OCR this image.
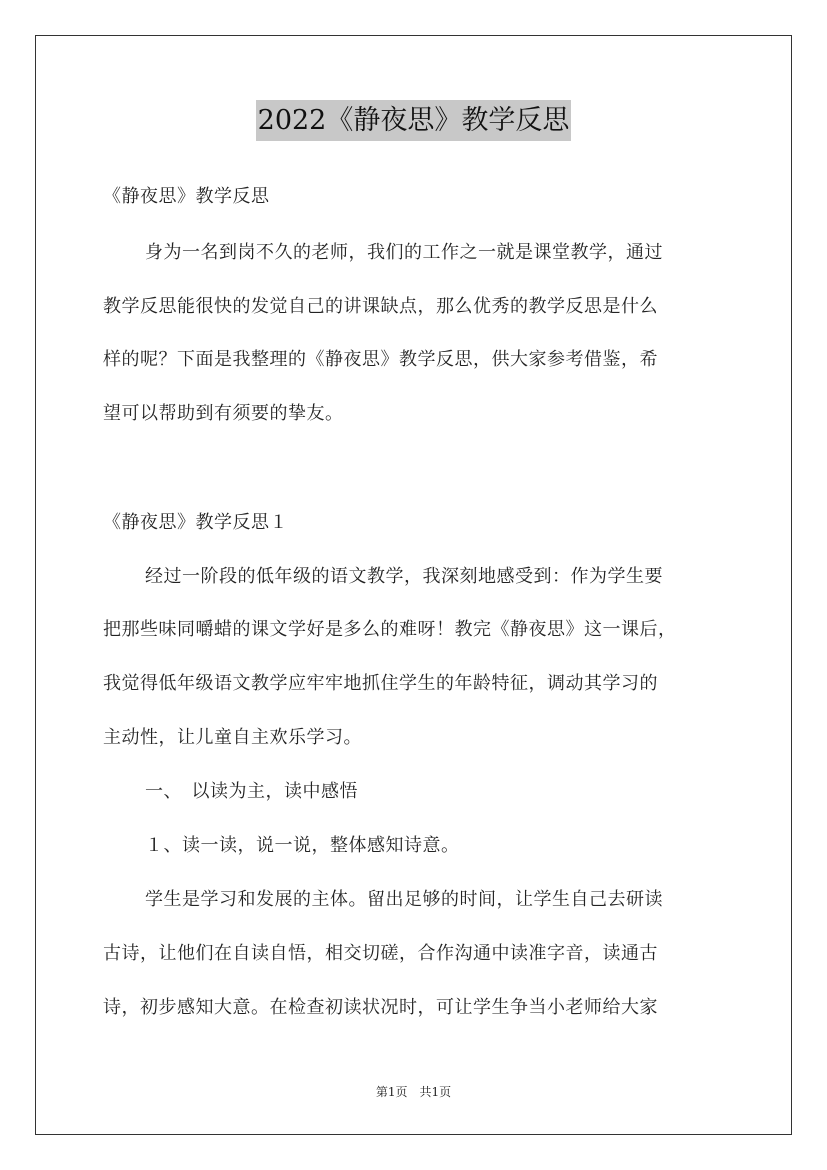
2022《静夜思》教学反思
《静夜思》教学反思
身为一名到岗不久的老师，我们的工作之一就是课堂教学，通过
教学反思能很快的发觉自己的讲课缺点，那么优秀的教学反思是什么
样的呢？下面是我整理的《静夜思》教学反思，供大家参考借鉴，希
望可以帮助到有须要的挚友。
《静夜思》教学反思１
经过一阶段的低年级的语文教学，我深刻地感受到：作为学生要
把那些味同嚼蜡的课文学好是多么的难呀！教完《静夜思》这一课后，
我觉得低年级语文教学应牢牢地抓住学生的年龄特征，调动其学习的
主动性，让儿童自主欢乐学习。
一、　以读为主，读中感悟
１、读一读，说一说，整体感知诗意。
学生是学习和发展的主体。留出足够的时间，让学生自己去研读
古诗，让他们在自读自悟，相交切磋，合作沟通中读准字音，读通古
诗，初步感知大意。在检查初读状况时，可让学生争当小老师给大家
第1页　共1页
